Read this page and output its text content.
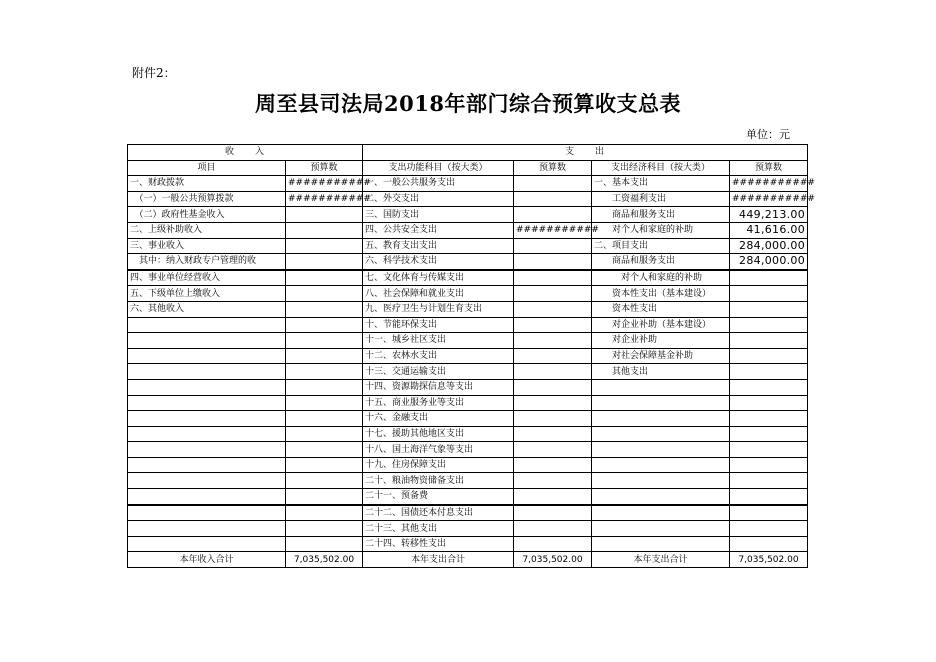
附件2：
周至县司法局2018年部门综合预算收支总表
单位：元
收　　入		支　　出			
项目	预算数	支出功能科目（按大类）	预算数	支出经济科目（按大类）	预算数
一、财政拨款	###########	一、一般公共服务支出		一、基本支出	###########
　（一）一般公共预算拨款	###########	二、外交支出		　　工资福利支出	###########
　（二）政府性基金收入		三、国防支出		　　商品和服务支出	449,213.00
二、上级补助收入		四、公共安全支出	###########	　　对个人和家庭的补助	41,616.00
三、事业收入		五、教育支出支出		二、项目支出	284,000.00
　其中：纳入财政专户管理的收		六、科学技术支出		　　商品和服务支出	284,000.00
四、事业单位经营收入		七、文化体育与传媒支出		　　　对个人和家庭的补助	
五、下级单位上缴收入		八、社会保障和就业支出		　　资本性支出（基本建设）	
六、其他收入		九、医疗卫生与计划生育支出		　　资本性支出	
		十、节能环保支出		　　对企业补助（基本建设）	
		十一、城乡社区支出		　　对企业补助	
		十二、农林水支出		　　对社会保障基金补助	
		十三、交通运输支出		　　其他支出	
		十四、资源勘探信息等支出			
		十五、商业服务业等支出			
		十六、金融支出			
		十七、援助其他地区支出			
		十八、国土海洋气象等支出			
		十九、住房保障支出			
		二十、粮油物资储备支出			
		二十一、预备费			
		二十二、国债还本付息支出			
		二十三、其他支出			
		二十四、转移性支出			
本年收入合计	7,035,502.00	本年支出合计	7,035,502.00	本年支出合计	7,035,502.00
